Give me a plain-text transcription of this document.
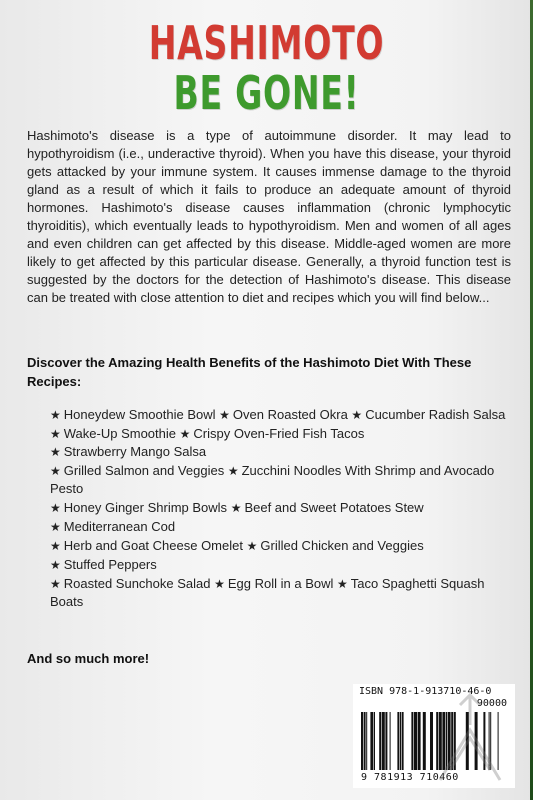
HASHIMOTO
BE GONE!

Hashimoto's disease is a type of autoimmune disorder. It may lead to hypothyroidism (i.e., underactive thyroid). When you have this disease, your thyroid gets attacked by your immune system. It causes immense damage to the thyroid gland as a result of which it fails to produce an adequate amount of thyroid hormones. Hashimoto's disease causes inflammation (chronic lymphocytic thyroiditis), which eventually leads to hypothyroidism. Men and women of all ages and even children can get affected by this disease. Middle-aged women are more likely to get affected by this particular disease. Generally, a thyroid function test is suggested by the doctors for the detection of Hashimoto's disease. This disease can be treated with close attention to diet and recipes which you will find below...

Discover the Amazing Health Benefits of the Hashimoto Diet With These Recipes:

★ Honeydew Smoothie Bowl ★ Oven Roasted Okra ★ Cucumber Radish Salsa
★ Wake-Up Smoothie ★ Crispy Oven-Fried Fish Tacos ★ Strawberry Mango Salsa
★ Grilled Salmon and Veggies ★ Zucchini Noodles With Shrimp and Avocado Pesto
★ Honey Ginger Shrimp Bowls ★ Beef and Sweet Potatoes Stew
★ Mediterranean Cod
★ Herb and Goat Cheese Omelet ★ Grilled Chicken and Veggies
★ Stuffed Peppers
★ Roasted Sunchoke Salad ★ Egg Roll in a Bowl ★ Taco Spaghetti Squash Boats

And so much more!

ISBN 978-1-913710-46-0
90000
9 781913 710460
